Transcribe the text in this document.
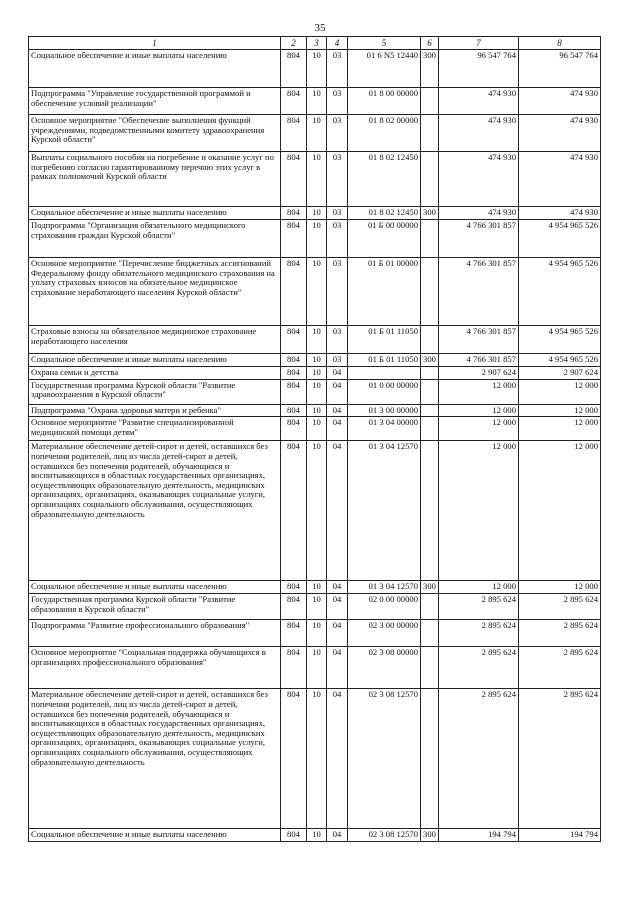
35
1	2	3	4	5	6	7	8
Социальное обеспечение и иные выплаты населению	804	10	03	01 6 N5 12440	300	96 547 764	96 547 764
Подпрограмма "Управление государственной программой и обеспечение условий реализации"	804	10	03	01 8 00 00000		474 930	474 930
Основное мероприятие "Обеспечение выполнения функций учреждениями, подведомственными комитету здравоохранения Курской области"	804	10	03	01 8 02 00000		474 930	474 930
Выплаты социального пособия на погребение и оказание услуг по погребению согласно гарантированному перечню этих услуг в рамках полномочий Курской области	804	10	03	01 8 02 12450		474 930	474 930
Социальное обеспечение и иные выплаты населению	804	10	03	01 8 02 12450	300	474 930	474 930
Подпрограмма "Организация обязательного медицинского страхования граждан Курской области"	804	10	03	01 Б 00 00000		4 766 301 857	4 954 965 526
Основное мероприятие "Перечисление бюджетных ассигнований Федеральному фонду обязательного медицинского страхования на уплату страховых взносов на обязательное медицинское страхование неработающего населения Курской области"	804	10	03	01 Б 01 00000		4 766 301 857	4 954 965 526
Страховые взносы на обязательное медицинское страхование неработающего населения	804	10	03	01 Б 01 11050		4 766 301 857	4 954 965 526
Социальное обеспечение и иные выплаты населению	804	10	03	01 Б 01 11050	300	4 766 301 857	4 954 965 526
Охрана семьи и детства	804	10	04			2 907 624	2 907 624
Государственная программа Курской области "Развитие здравоохранения в Курской области"	804	10	04	01 0 00 00000		12 000	12 000
Подпрограмма "Охрана здоровья матери и ребенка"	804	10	04	01 3 00 00000		12 000	12 000
Основное мероприятие "Развитие специализированной медицинской помощи детям"	804	10	04	01 3 04 00000		12 000	12 000
Материальное обеспечение детей-сирот и детей, оставшихся без попечения родителей, лиц из числа детей-сирот и детей, оставшихся без попечения родителей, обучающихся и воспитывающихся в областных государственных организациях, осуществляющих образовательную деятельность, медицинских организациях, организациях, оказывающих социальные услуги, организациях социального обслуживания, осуществляющих образовательную деятельность	804	10	04	01 3 04 12570		12 000	12 000
Социальное обеспечение и иные выплаты населению	804	10	04	01 3 04 12570	300	12 000	12 000
Государственная программа Курской области "Развитие образования в Курской области"	804	10	04	02 0 00 00000		2 895 624	2 895 624
Подпрограмма "Развитие профессионального образования"	804	10	04	02 3 00 00000		2 895 624	2 895 624
Основное мероприятие "Социальная поддержка обучающихся в организациях профессионального образования"	804	10	04	02 3 08 00000		2 895 624	2 895 624
Материальное обеспечение детей-сирот и детей, оставшихся без попечения родителей, лиц из числа детей-сирот и детей, оставшихся без попечения родителей, обучающихся и воспитывающихся в областных государственных организациях, осуществляющих образовательную деятельность, медицинских организациях, организациях, оказывающих социальные услуги, организациях социального обслуживания, осуществляющих образовательную деятельность	804	10	04	02 3 08 12570		2 895 624	2 895 624
Социальное обеспечение и иные выплаты населению	804	10	04	02 3 08 12570	300	194 794	194 794
